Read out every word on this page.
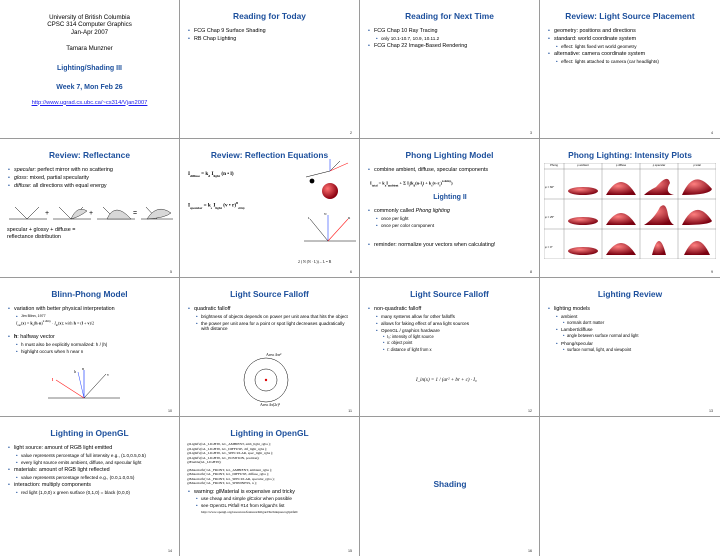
University of British Columbia
CPSC 314 Computer Graphics
Jan-Apr 2007
Tamara Munzner
Lighting/Shading III
Week 7, Mon Feb 26
http://www.ugrad.cs.ubc.ca/~cs314/Vjan2007
Reading for Today
• FCG Chap 9 Surface Shading
• RB Chap Lighting
2
Reading for Next Time
• FCG Chap 10 Ray Tracing
• only 10.1-10.7, 10.9, 10.11.2
• FCG Chap 22 Image-Based Rendering
3
Review: Light Source Placement
• geometry: positions and directions
• standard: world coordinate system
• effect: lights fixed wrt world geometry
• alternative: camera coordinate system
• effect: lights attached to camera (car headlights)
4
Review: Reflectance
• specular: perfect mirror with no scattering
• gloss: mixed, partial specularity
• diffuse: all directions with equal energy
+	+	=
specular + glossy + diffuse =
reflectance distribution
5
Review: Reflection Equations
$I_{diffuse} = k_d$ $I_{light}$ (n • l)
$I_{specular} = k_s$ $I_{light}$ (v • r)$^n_{shiny}$
N
L	R
2 ( N (N · L)) – L = R
6
Phong Lighting Model
• combine ambient, diffuse, specular components
$I_{total} = k_aI_{ambient} + \Sigma$ $I_i(k_d(n\cdot l_i) + k_s(v\cdot r_i)^{n shiny})$
Lighting II
• commonly called Phong lighting
• once per light
• once per color component
• reminder: normalize your vectors when calculating!
8
Phong Lighting: Intensity Plots
Phong	ρ ambient	ρ diffuse	ρ specular	ρ total
φ = 60°
φ = 25°
φ = 0°
9
Blinn-Phong Model
• variation with better physical interpretation
• Jim Blinn, 1977
$I_{out}(x) = k_s(h\cdot n)^{n shiny} \cdot I_{in}(x)$; with h = (l + v)/2
• h: halfway vector
• h must also be explicitly normalized: h / |h|
• highlight occurs when h near n
n
h
v
l
10
Light Source Falloff
• quadratic falloff
• brightness of objects depends on power per unit area that hits the object
• the power per unit area for a point or spot light decreases quadratically with distance
Area 4πr²
Area 4π(2r)²
11
Light Source Falloff
• non-quadratic falloff
• many systems allow for other falloffs
• allows for faking effect of area light sources
• OpenGL / graphics hardware
• I₀: intensity of light source
• x: object point
• r: distance of light from x
I_in(x) = 1 / (ar² + br + c) · I₀
12
Lighting Review
• lighting models
• ambient
• normals don't matter
• Lambert/diffuse
• angle between surface normal and light
• Phong/specular
• surface normal, light, and viewpoint
13
Lighting in OpenGL
• light source: amount of RGB light emitted
• value represents percentage of full intensity e.g., (1.0,0.5,0.5)
• every light source emits ambient, diffuse, and specular light
• materials: amount of RGB light reflected
• value represents percentage reflected e.g., (0.0,1.0,0.5)
• interaction: multiply components
• red light (1,0,0) x green surface (0,1,0) = black (0,0,0)
14
Lighting in OpenGL
glLightfv(GL_LIGHT0, GL_AMBIENT, amb_light_rgba );
glLightfv(GL_LIGHT0, GL_DIFFUSE, dif_light_rgba );
glLightfv(GL_LIGHT0, GL_SPECULAR, spec_light_rgba );
glLightfv(GL_LIGHT0, GL_POSITION, position);
glEnable(GL_LIGHT0);
glMaterialfv( GL_FRONT, GL_AMBIENT, ambient_rgba );
glMaterialfv( GL_FRONT, GL_DIFFUSE, diffuse_rgba );
glMaterialfv( GL_FRONT, GL_SPECULAR, specular_rgba );
glMaterialfv( GL_FRONT, GL_SHININESS, n );
• warning: glMaterial is expensive and tricky
• use cheap and simple glColor when possible
• see OpenGL Pitfall #14 from Kilgard's list
http://www.opengl.org/resources/features/KilgardTechniques/oglpitfall/
15
Shading
16
